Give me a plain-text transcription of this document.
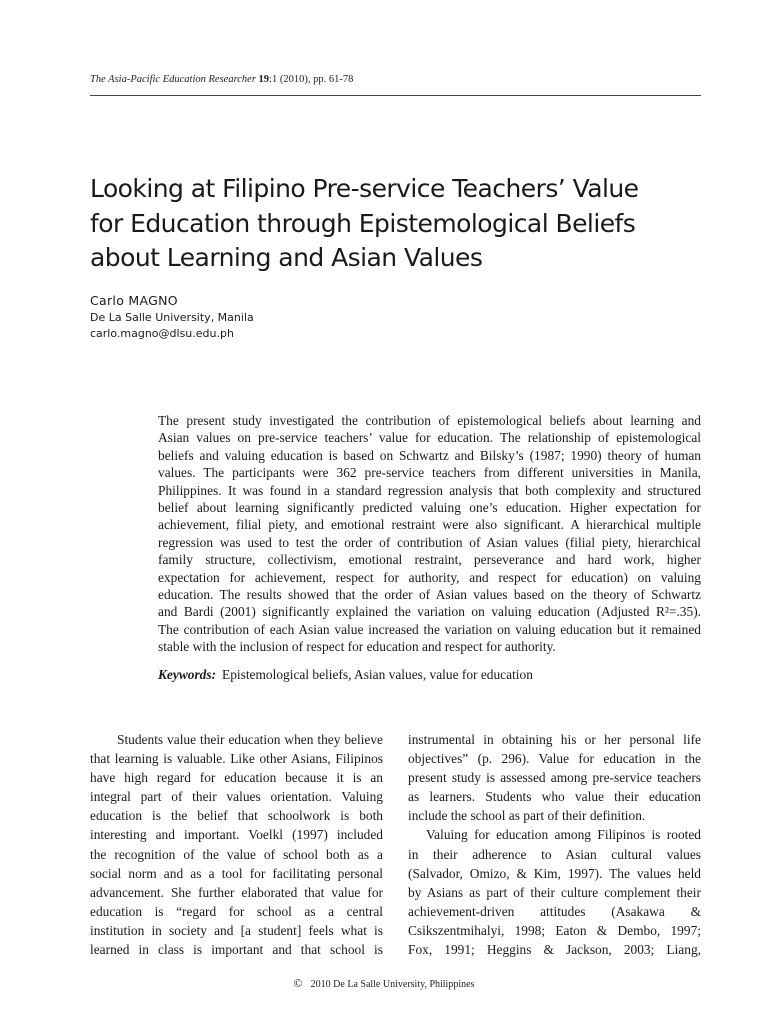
The Asia-Pacific Education Researcher 19:1 (2010), pp. 61-78
Looking at Filipino Pre-service Teachers’ Value
for Education through Epistemological Beliefs
about Learning and Asian Values
Carlo MAGNO
De La Salle University, Manila
carlo.magno@dlsu.edu.ph

The present study investigated the contribution of epistemological beliefs about learning and
Asian values on pre-service teachers’ value for education. The relationship of epistemological
beliefs and valuing education is based on Schwartz and Bilsky’s (1987; 1990) theory of human
values. The participants were 362 pre-service teachers from different universities in Manila,
Philippines. It was found in a standard regression analysis that both complexity and structured
belief about learning significantly predicted valuing one’s education. Higher expectation for
achievement, filial piety, and emotional restraint were also significant. A hierarchical multiple
regression was used to test the order of contribution of Asian values (filial piety, hierarchical
family structure, collectivism, emotional restraint, perseverance and hard work, higher
expectation for achievement, respect for authority, and respect for education) on valuing
education. The results showed that the order of Asian values based on the theory of Schwartz
and Bardi (2001) significantly explained the variation on valuing education (Adjusted R²=.35).
The contribution of each Asian value increased the variation on valuing education but it remained
stable with the inclusion of respect for education and respect for authority.

Keywords: Epistemological beliefs, Asian values, value for education

Students value their education when they believe
that learning is valuable. Like other Asians, Filipinos
have high regard for education because it is an
integral part of their values orientation. Valuing
education is the belief that schoolwork is both
interesting and important. Voelkl (1997) included
the recognition of the value of school both as a
social norm and as a tool for facilitating personal
advancement. She further elaborated that value for
education is “regard for school as a central
institution in society and [a student] feels what is
learned in class is important and that school is

instrumental in obtaining his or her personal life
objectives” (p. 296). Value for education in the
present study is assessed among pre-service teachers
as learners. Students who value their education
include the school as part of their definition.
Valuing for education among Filipinos is rooted
in their adherence to Asian cultural values
(Salvador, Omizo, & Kim, 1997). The values held
by Asians as part of their culture complement their
achievement-driven attitudes (Asakawa &
Csikszentmihalyi, 1998; Eaton & Dembo, 1997;
Fox, 1991; Heggins & Jackson, 2003; Liang,

© 2010 De La Salle University, Philippines
